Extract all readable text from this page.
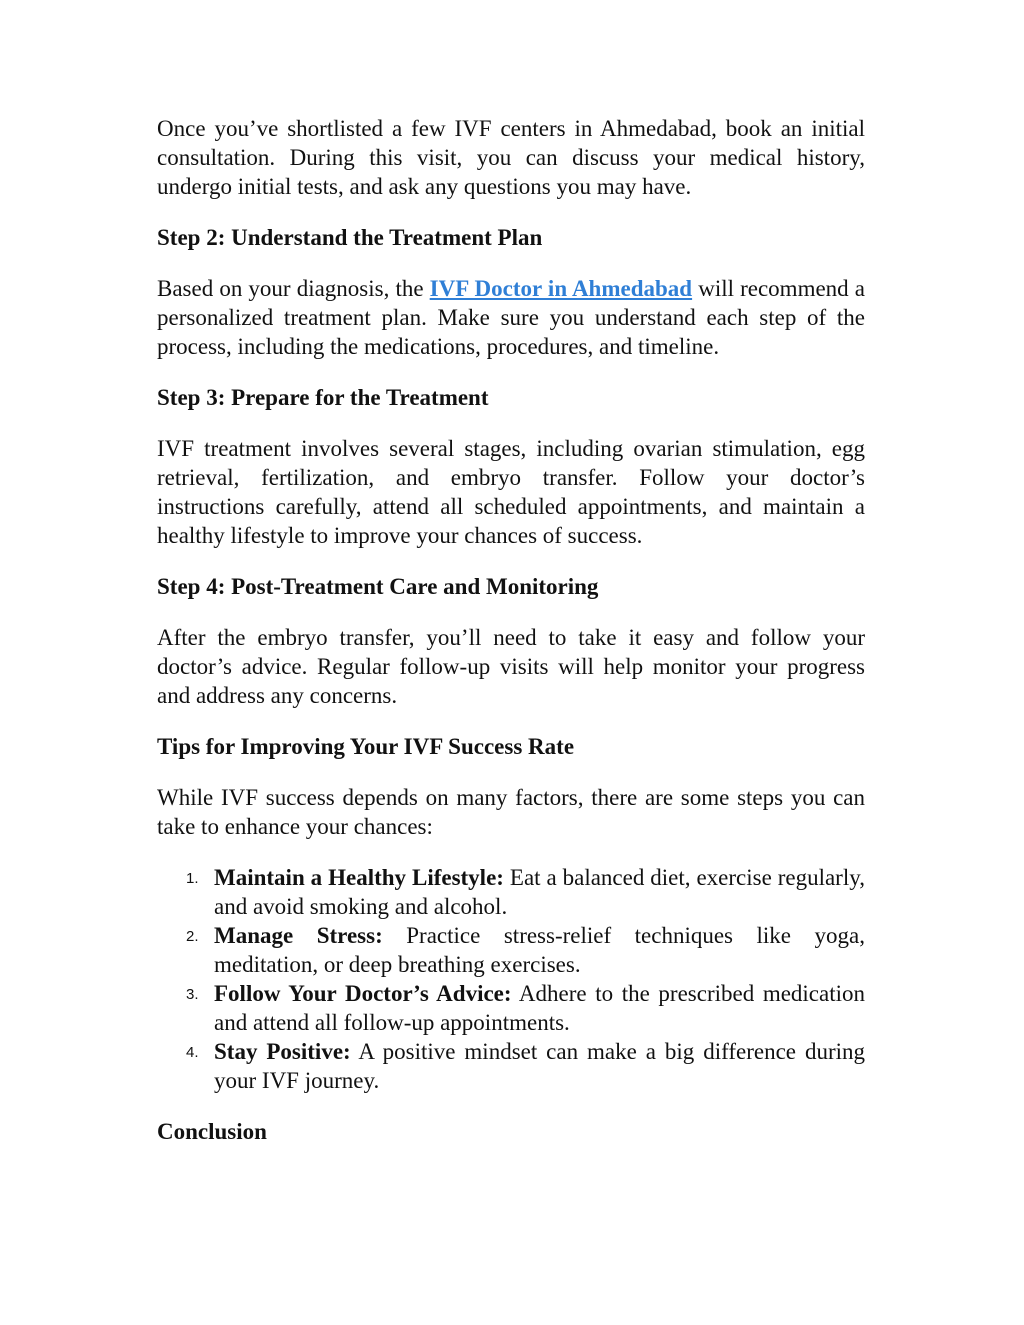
Once you’ve shortlisted a few IVF centers in Ahmedabad, book an initial consultation. During this visit, you can discuss your medical history, undergo initial tests, and ask any questions you may have.

Step 2: Understand the Treatment Plan

Based on your diagnosis, the IVF Doctor in Ahmedabad will recommend a personalized treatment plan. Make sure you understand each step of the process, including the medications, procedures, and timeline.

Step 3: Prepare for the Treatment

IVF treatment involves several stages, including ovarian stimulation, egg retrieval, fertilization, and embryo transfer. Follow your doctor’s instructions carefully, attend all scheduled appointments, and maintain a healthy lifestyle to improve your chances of success.

Step 4: Post-Treatment Care and Monitoring

After the embryo transfer, you’ll need to take it easy and follow your doctor’s advice. Regular follow-up visits will help monitor your progress and address any concerns.

Tips for Improving Your IVF Success Rate

While IVF success depends on many factors, there are some steps you can take to enhance your chances:

1. Maintain a Healthy Lifestyle: Eat a balanced diet, exercise regularly, and avoid smoking and alcohol.
2. Manage Stress: Practice stress-relief techniques like yoga, meditation, or deep breathing exercises.
3. Follow Your Doctor’s Advice: Adhere to the prescribed medication and attend all follow-up appointments.
4. Stay Positive: A positive mindset can make a big difference during your IVF journey.
Conclusion
